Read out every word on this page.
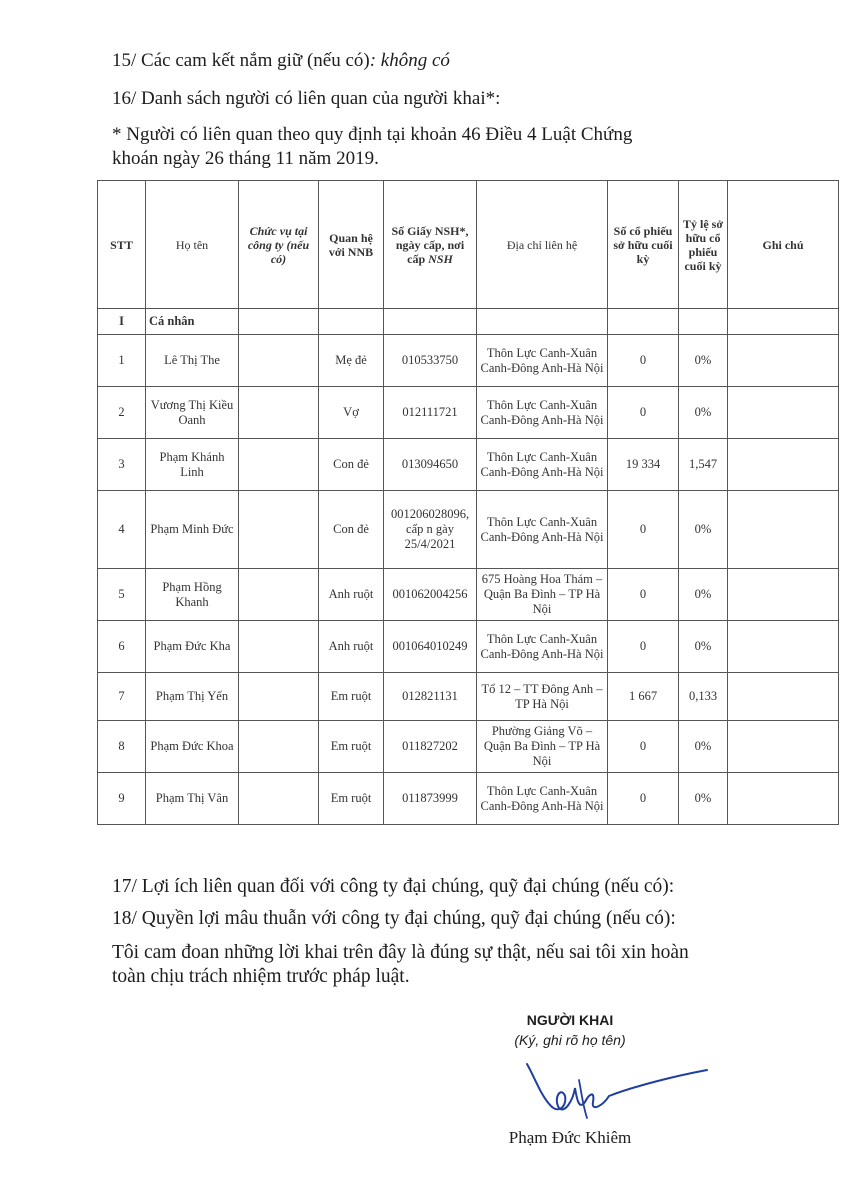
15/ Các cam kết nắm giữ (nếu có): không có
16/ Danh sách người có liên quan của người khai*:
* Người có liên quan theo quy định tại khoản 46 Điều 4 Luật Chứng
khoán ngày 26 tháng 11 năm 2019.
STT	Họ tên	Chức vụ tại công ty (nếu có)	Quan hệ với NNB	Số Giấy NSH*, ngày cấp, nơi cấp NSH	Địa chỉ liên hệ	Số cổ phiếu sở hữu cuối kỳ	Tỷ lệ sở hữu cổ phiếu cuối kỳ	Ghi chú
I	Cá nhân							
1	Lê Thị The		Mẹ đẻ	010533750	Thôn Lực Canh-Xuân Canh-Đông Anh-Hà Nội	0	0%	
2	Vương Thị Kiều Oanh		Vợ	012111721	Thôn Lực Canh-Xuân Canh-Đông Anh-Hà Nội	0	0%	
3	Phạm Khánh Linh		Con đẻ	013094650	Thôn Lực Canh-Xuân Canh-Đông Anh-Hà Nội	19 334	1,547	
4	Phạm Minh Đức		Con đẻ	001206028096, cấp n gày 25/4/2021	Thôn Lực Canh-Xuân Canh-Đông Anh-Hà Nội	0	0%	
5	Phạm Hồng Khanh		Anh ruột	001062004256	675 Hoàng Hoa Thám – Quận Ba Đình – TP Hà Nội	0	0%	
6	Phạm Đức Kha		Anh ruột	001064010249	Thôn Lực Canh-Xuân Canh-Đông Anh-Hà Nội	0	0%	
7	Phạm Thị Yến		Em ruột	012821131	Tổ 12 – TT Đông Anh – TP Hà Nội	1 667	0,133	
8	Phạm Đức Khoa		Em ruột	011827202	Phường Giảng Võ – Quận Ba Đình – TP Hà Nội	0	0%	
9	Phạm Thị Vân		Em ruột	011873999	Thôn Lực Canh-Xuân Canh-Đông Anh-Hà Nội	0	0%	
17/ Lợi ích liên quan đối với công ty đại chúng, quỹ đại chúng (nếu có):
18/ Quyền lợi mâu thuẫn với công ty đại chúng, quỹ đại chúng (nếu có):
Tôi cam đoan những lời khai trên đây là đúng sự thật, nếu sai tôi xin hoàn
toàn chịu trách nhiệm trước pháp luật.
NGƯỜI KHAI
(Ký, ghi rõ họ tên)
Phạm Đức Khiêm
